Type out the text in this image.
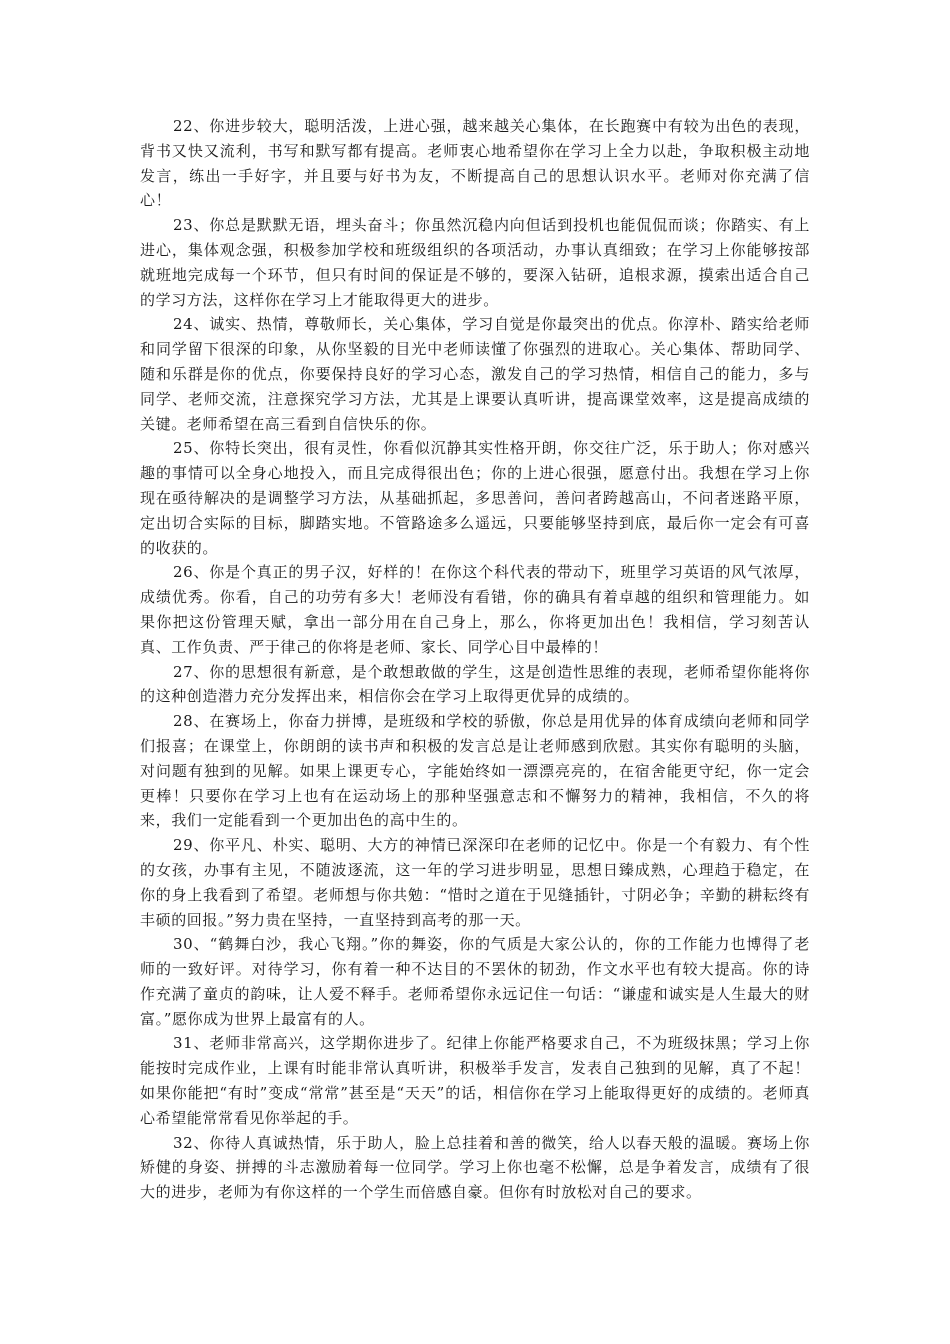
22、你进步较大，聪明活泼，上进心强，越来越关心集体，在长跑赛中有较为出色的表现，背书又快又流利，书写和默写都有提高。老师衷心地希望你在学习上全力以赴，争取积极主动地发言，练出一手好字，并且要与好书为友，不断提高自己的思想认识水平。老师对你充满了信心！

23、你总是默默无语，埋头奋斗；你虽然沉稳内向但话到投机也能侃侃而谈；你踏实、有上进心，集体观念强，积极参加学校和班级组织的各项活动，办事认真细致；在学习上你能够按部就班地完成每一个环节，但只有时间的保证是不够的，要深入钻研，追根求源，摸索出适合自己的学习方法，这样你在学习上才能取得更大的进步。

24、诚实、热情，尊敬师长，关心集体，学习自觉是你最突出的优点。你淳朴、踏实给老师和同学留下很深的印象，从你坚毅的目光中老师读懂了你强烈的进取心。关心集体、帮助同学、随和乐群是你的优点，你要保持良好的学习心态，激发自己的学习热情，相信自己的能力，多与同学、老师交流，注意探究学习方法，尤其是上课要认真听讲，提高课堂效率，这是提高成绩的关键。老师希望在高三看到自信快乐的你。

25、你特长突出，很有灵性，你看似沉静其实性格开朗，你交往广泛，乐于助人；你对感兴趣的事情可以全身心地投入，而且完成得很出色；你的上进心很强，愿意付出。我想在学习上你现在亟待解决的是调整学习方法，从基础抓起，多思善问，善问者跨越高山，不问者迷路平原，定出切合实际的目标，脚踏实地。不管路途多么遥远，只要能够坚持到底，最后你一定会有可喜的收获的。

26、你是个真正的男子汉，好样的！在你这个科代表的带动下，班里学习英语的风气浓厚，成绩优秀。你看，自己的功劳有多大！老师没有看错，你的确具有着卓越的组织和管理能力。如果你把这份管理天赋，拿出一部分用在自己身上，那么，你将更加出色！我相信，学习刻苦认真、工作负责、严于律己的你将是老师、家长、同学心目中最棒的！

27、你的思想很有新意，是个敢想敢做的学生，这是创造性思维的表现，老师希望你能将你的这种创造潜力充分发挥出来，相信你会在学习上取得更优异的成绩的。

28、在赛场上，你奋力拼博，是班级和学校的骄傲，你总是用优异的体育成绩向老师和同学们报喜；在课堂上，你朗朗的读书声和积极的发言总是让老师感到欣慰。其实你有聪明的头脑，对问题有独到的见解。如果上课更专心，字能始终如一漂漂亮亮的，在宿舍能更守纪，你一定会更棒！只要你在学习上也有在运动场上的那种坚强意志和不懈努力的精神，我相信，不久的将来，我们一定能看到一个更加出色的高中生的。

29、你平凡、朴实、聪明、大方的神情已深深印在老师的记忆中。你是一个有毅力、有个性的女孩，办事有主见，不随波逐流，这一年的学习进步明显，思想日臻成熟，心理趋于稳定，在你的身上我看到了希望。老师想与你共勉：“惜时之道在于见缝插针，寸阴必争；辛勤的耕耘终有丰硕的回报。”努力贵在坚持，一直坚持到高考的那一天。

30、“鹤舞白沙，我心飞翔。”你的舞姿，你的气质是大家公认的，你的工作能力也博得了老师的一致好评。对待学习，你有着一种不达目的不罢休的韧劲，作文水平也有较大提高。你的诗作充满了童贞的韵味，让人爱不释手。老师希望你永远记住一句话：“谦虚和诚实是人生最大的财富。”愿你成为世界上最富有的人。

31、老师非常高兴，这学期你进步了。纪律上你能严格要求自己，不为班级抹黑；学习上你能按时完成作业，上课有时能非常认真听讲，积极举手发言，发表自己独到的见解，真了不起！如果你能把“有时”变成“常常”甚至是“天天”的话，相信你在学习上能取得更好的成绩的。老师真心希望能常常看见你举起的手。

32、你待人真诚热情，乐于助人，脸上总挂着和善的微笑，给人以春天般的温暖。赛场上你矫健的身姿、拼搏的斗志激励着每一位同学。学习上你也毫不松懈，总是争着发言，成绩有了很大的进步，老师为有你这样的一个学生而倍感自豪。但你有时放松对自己的要求。
